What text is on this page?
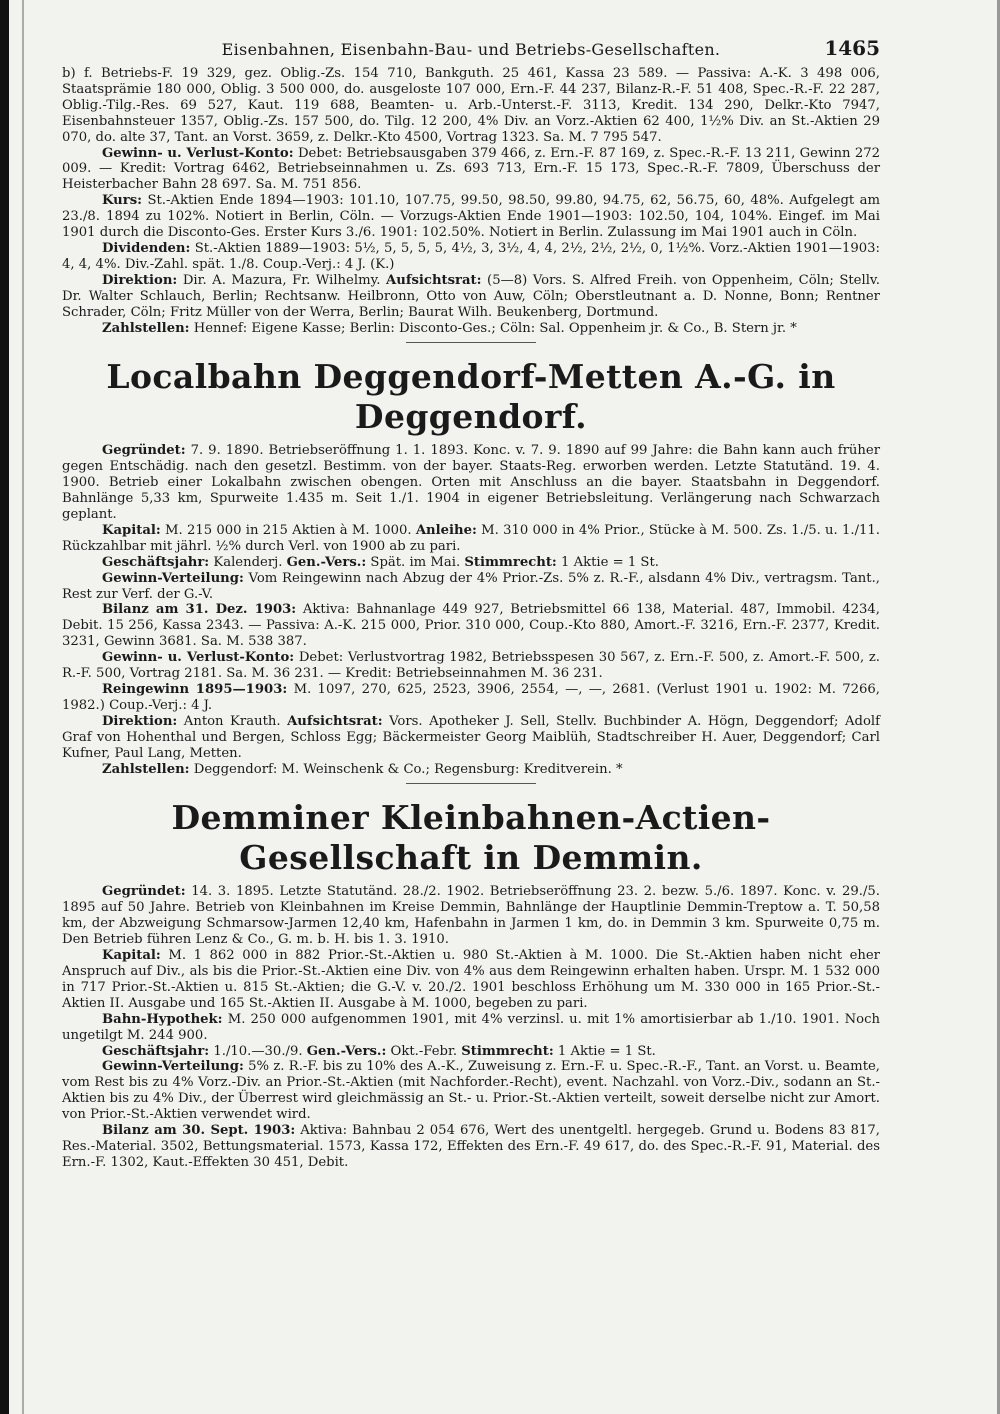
Eisenbahnen, Eisenbahn-Bau- und Betriebs-Gesellschaften.	1465

b) f. Betriebs-F. 19 329, gez. Oblig.-Zs. 154 710, Bankguth. 25 461, Kassa 23 589. — Passiva: A.-K. 3 498 006, Staatsprämie 180 000, Oblig. 3 500 000, do. ausgeloste 107 000, Ern.-F. 44 237, Bilanz-R.-F. 51 408, Spec.-R.-F. 22 287, Oblig.-Tilg.-Res. 69 527, Kaut. 119 688, Beamten- u. Arb.-Unterst.-F. 3113, Kredit. 134 290, Delkr.-Kto 7947, Eisenbahnsteuer 1357, Oblig.-Zs. 157 500, do. Tilg. 12 200, 4% Div. an Vorz.-Aktien 62 400, 1½% Div. an St.-Aktien 29 070, do. alte 37, Tant. an Vorst. 3659, z. Delkr.-Kto 4500, Vortrag 1323. Sa. M. 7 795 547.

Gewinn- u. Verlust-Konto: Debet: Betriebsausgaben 379 466, z. Ern.-F. 87 169, z. Spec.-R.-F. 13 211, Gewinn 272 009. — Kredit: Vortrag 6462, Betriebseinnahmen u. Zs. 693 713, Ern.-F. 15 173, Spec.-R.-F. 7809, Überschuss der Heisterbacher Bahn 28 697. Sa. M. 751 856.

Kurs: St.-Aktien Ende 1894—1903: 101.10, 107.75, 99.50, 98.50, 99.80, 94.75, 62, 56.75, 60, 48%. Aufgelegt am 23./8. 1894 zu 102%. Notiert in Berlin, Cöln. — Vorzugs-Aktien Ende 1901—1903: 102.50, 104, 104%. Eingef. im Mai 1901 durch die Disconto-Ges. Erster Kurs 3./6. 1901: 102.50%. Notiert in Berlin. Zulassung im Mai 1901 auch in Cöln.

Dividenden: St.-Aktien 1889—1903: 5½, 5, 5, 5, 5, 4½, 3, 3½, 4, 4, 2½, 2½, 2½, 0, 1½%. Vorz.-Aktien 1901—1903: 4, 4, 4%. Div.-Zahl. spät. 1./8. Coup.-Verj.: 4 J. (K.)

Direktion: Dir. A. Mazura, Fr. Wilhelmy. Aufsichtsrat: (5—8) Vors. S. Alfred Freih. von Oppenheim, Cöln; Stellv. Dr. Walter Schlauch, Berlin; Rechtsanw. Heilbronn, Otto von Auw, Cöln; Oberstleutnant a. D. Nonne, Bonn; Rentner Schrader, Cöln; Fritz Müller von der Werra, Berlin; Baurat Wilh. Beukenberg, Dortmund.

Zahlstellen: Hennef: Eigene Kasse; Berlin: Disconto-Ges.; Cöln: Sal. Oppenheim jr. & Co., B. Stern jr. *

Localbahn Deggendorf-Metten A.-G. in Deggendorf.

Gegründet: 7. 9. 1890. Betriebseröffnung 1. 1. 1893. Konc. v. 7. 9. 1890 auf 99 Jahre: die Bahn kann auch früher gegen Entschädig. nach den gesetzl. Bestimm. von der bayer. Staats-Reg. erworben werden. Letzte Statutänd. 19. 4. 1900. Betrieb einer Lokalbahn zwischen obengen. Orten mit Anschluss an die bayer. Staatsbahn in Deggendorf. Bahnlänge 5,33 km, Spurweite 1.435 m. Seit 1./1. 1904 in eigener Betriebsleitung. Verlängerung nach Schwarzach geplant.

Kapital: M. 215 000 in 215 Aktien à M. 1000. Anleihe: M. 310 000 in 4% Prior., Stücke à M. 500. Zs. 1./5. u. 1./11. Rückzahlbar mit jährl. ½% durch Verl. von 1900 ab zu pari.

Geschäftsjahr: Kalenderj. Gen.-Vers.: Spät. im Mai. Stimmrecht: 1 Aktie = 1 St.

Gewinn-Verteilung: Vom Reingewinn nach Abzug der 4% Prior.-Zs. 5% z. R.-F., alsdann 4% Div., vertragsm. Tant., Rest zur Verf. der G.-V.

Bilanz am 31. Dez. 1903: Aktiva: Bahnanlage 449 927, Betriebsmittel 66 138, Material. 487, Immobil. 4234, Debit. 15 256, Kassa 2343. — Passiva: A.-K. 215 000, Prior. 310 000, Coup.-Kto 880, Amort.-F. 3216, Ern.-F. 2377, Kredit. 3231, Gewinn 3681. Sa. M. 538 387.

Gewinn- u. Verlust-Konto: Debet: Verlustvortrag 1982, Betriebsspesen 30 567, z. Ern.-F. 500, z. Amort.-F. 500, z. R.-F. 500, Vortrag 2181. Sa. M. 36 231. — Kredit: Betriebseinnahmen M. 36 231.

Reingewinn 1895—1903: M. 1097, 270, 625, 2523, 3906, 2554, —, —, 2681. (Verlust 1901 u. 1902: M. 7266, 1982.) Coup.-Verj.: 4 J.

Direktion: Anton Krauth. Aufsichtsrat: Vors. Apotheker J. Sell, Stellv. Buchbinder A. Högn, Deggendorf; Adolf Graf von Hohenthal und Bergen, Schloss Egg; Bäckermeister Georg Maiblüh, Stadtschreiber H. Auer, Deggendorf; Carl Kufner, Paul Lang, Metten.

Zahlstellen: Deggendorf: M. Weinschenk & Co.; Regensburg: Kreditverein. *

Demminer Kleinbahnen-Actien-Gesellschaft in Demmin.

Gegründet: 14. 3. 1895. Letzte Statutänd. 28./2. 1902. Betriebseröffnung 23. 2. bezw. 5./6. 1897. Konc. v. 29./5. 1895 auf 50 Jahre. Betrieb von Kleinbahnen im Kreise Demmin, Bahnlänge der Hauptlinie Demmin-Treptow a. T. 50,58 km, der Abzweigung Schmarsow-Jarmen 12,40 km, Hafenbahn in Jarmen 1 km, do. in Demmin 3 km. Spurweite 0,75 m. Den Betrieb führen Lenz & Co., G. m. b. H. bis 1. 3. 1910.

Kapital: M. 1 862 000 in 882 Prior.-St.-Aktien u. 980 St.-Aktien à M. 1000. Die St.-Aktien haben nicht eher Anspruch auf Div., als bis die Prior.-St.-Aktien eine Div. von 4% aus dem Reingewinn erhalten haben. Urspr. M. 1 532 000 in 717 Prior.-St.-Aktien u. 815 St.-Aktien; die G.-V. v. 20./2. 1901 beschloss Erhöhung um M. 330 000 in 165 Prior.-St.-Aktien II. Ausgabe und 165 St.-Aktien II. Ausgabe à M. 1000, begeben zu pari.

Bahn-Hypothek: M. 250 000 aufgenommen 1901, mit 4% verzinsl. u. mit 1% amortisierbar ab 1./10. 1901. Noch ungetilgt M. 244 900.

Geschäftsjahr: 1./10.—30./9. Gen.-Vers.: Okt.-Febr. Stimmrecht: 1 Aktie = 1 St.

Gewinn-Verteilung: 5% z. R.-F. bis zu 10% des A.-K., Zuweisung z. Ern.-F. u. Spec.-R.-F., Tant. an Vorst. u. Beamte, vom Rest bis zu 4% Vorz.-Div. an Prior.-St.-Aktien (mit Nachforder.-Recht), event. Nachzahl. von Vorz.-Div., sodann an St.-Aktien bis zu 4% Div., der Überrest wird gleichmässig an St.- u. Prior.-St.-Aktien verteilt, soweit derselbe nicht zur Amort. von Prior.-St.-Aktien verwendet wird.

Bilanz am 30. Sept. 1903: Aktiva: Bahnbau 2 054 676, Wert des unentgeltl. hergegeb. Grund u. Bodens 83 817, Res.-Material. 3502, Bettungsmaterial. 1573, Kassa 172, Effekten des Ern.-F. 49 617, do. des Spec.-R.-F. 91, Material. des Ern.-F. 1302, Kaut.-Effekten 30 451, Debit.
